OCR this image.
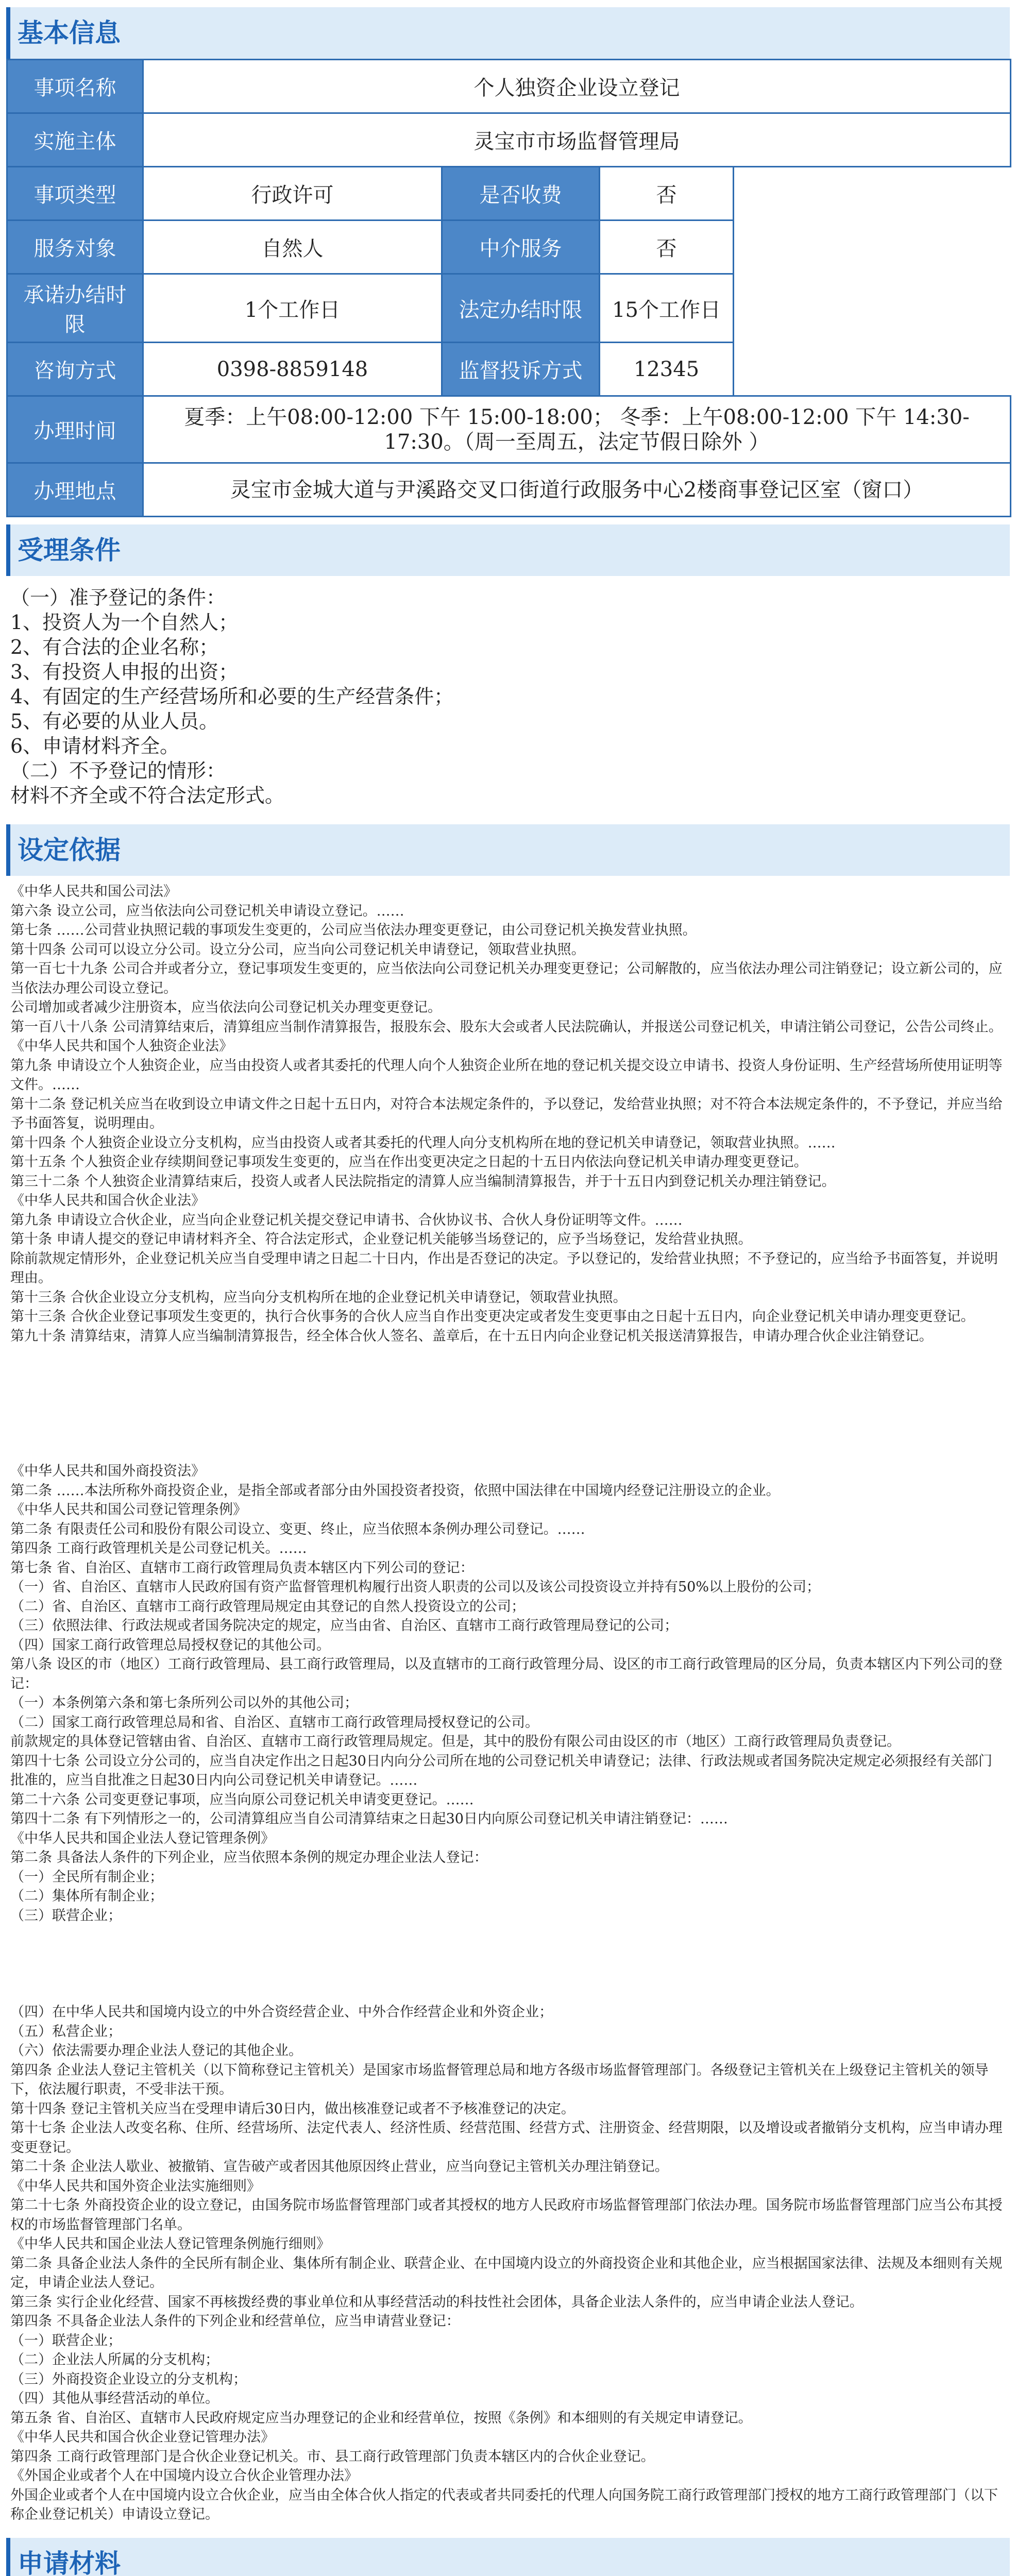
基本信息
事项名称	个人独资企业设立登记		
实施主体	灵宝市市场监督管理局		
事项类型	行政许可	是否收费	否
服务对象	自然人	中介服务	否
承诺办结时限	1个工作日	法定办结时限	15个工作日
咨询方式	0398-8859148	监督投诉方式	12345
办理时间	夏季：上午08:00-12:00 下午 15:00-18:00； 冬季：上午08:00-12:00 下午 14:30-17:30。（周一至周五，法定节假日除外 ）		
办理地点	灵宝市金城大道与尹溪路交叉口街道行政服务中心2楼商事登记区室（窗口）		
受理条件

（一）准予登记的条件：

1、投资人为一个自然人；

2、有合法的企业名称；

3、有投资人申报的出资；

4、有固定的生产经营场所和必要的生产经营条件；

5、有必要的从业人员。

6、申请材料齐全。

（二）不予登记的情形：

材料不齐全或不符合法定形式。

设定依据

《中华人民共和国公司法》

第六条 设立公司，应当依法向公司登记机关申请设立登记。……

第七条 ……公司营业执照记载的事项发生变更的，公司应当依法办理变更登记，由公司登记机关换发营业执照。

第十四条 公司可以设立分公司。设立分公司，应当向公司登记机关申请登记，领取营业执照。

第一百七十九条 公司合并或者分立，登记事项发生变更的，应当依法向公司登记机关办理变更登记；公司解散的，应当依法办理公司注销登记；设立新公司的，应当依法办理公司设立登记。

公司增加或者减少注册资本，应当依法向公司登记机关办理变更登记。

第一百八十八条 公司清算结束后，清算组应当制作清算报告，报股东会、股东大会或者人民法院确认，并报送公司登记机关，申请注销公司登记，公告公司终止。

《中华人民共和国个人独资企业法》

第九条 申请设立个人独资企业，应当由投资人或者其委托的代理人向个人独资企业所在地的登记机关提交设立申请书、投资人身份证明、生产经营场所使用证明等文件。……

第十二条 登记机关应当在收到设立申请文件之日起十五日内，对符合本法规定条件的，予以登记，发给营业执照；对不符合本法规定条件的，不予登记，并应当给予书面答复，说明理由。

第十四条 个人独资企业设立分支机构，应当由投资人或者其委托的代理人向分支机构所在地的登记机关申请登记，领取营业执照。……

第十五条 个人独资企业存续期间登记事项发生变更的，应当在作出变更决定之日起的十五日内依法向登记机关申请办理变更登记。

第三十二条 个人独资企业清算结束后，投资人或者人民法院指定的清算人应当编制清算报告，并于十五日内到登记机关办理注销登记。

《中华人民共和国合伙企业法》

第九条 申请设立合伙企业，应当向企业登记机关提交登记申请书、合伙协议书、合伙人身份证明等文件。……

第十条 申请人提交的登记申请材料齐全、符合法定形式，企业登记机关能够当场登记的，应予当场登记，发给营业执照。

除前款规定情形外，企业登记机关应当自受理申请之日起二十日内，作出是否登记的决定。予以登记的，发给营业执照；不予登记的，应当给予书面答复，并说明理由。

第十三条 合伙企业设立分支机构，应当向分支机构所在地的企业登记机关申请登记，领取营业执照。

第十三条 合伙企业登记事项发生变更的，执行合伙事务的合伙人应当自作出变更决定或者发生变更事由之日起十五日内，向企业登记机关申请办理变更登记。

第九十条 清算结束，清算人应当编制清算报告，经全体合伙人签名、盖章后，在十五日内向企业登记机关报送清算报告，申请办理合伙企业注销登记。

《中华人民共和国外商投资法》

第二条 ……本法所称外商投资企业，是指全部或者部分由外国投资者投资，依照中国法律在中国境内经登记注册设立的企业。

《中华人民共和国公司登记管理条例》

第二条 有限责任公司和股份有限公司设立、变更、终止，应当依照本条例办理公司登记。……

第四条 工商行政管理机关是公司登记机关。……

第七条 省、自治区、直辖市工商行政管理局负责本辖区内下列公司的登记：

（一）省、自治区、直辖市人民政府国有资产监督管理机构履行出资人职责的公司以及该公司投资设立并持有50%以上股份的公司；

（二）省、自治区、直辖市工商行政管理局规定由其登记的自然人投资设立的公司；

（三）依照法律、行政法规或者国务院决定的规定，应当由省、自治区、直辖市工商行政管理局登记的公司；

（四）国家工商行政管理总局授权登记的其他公司。

第八条 设区的市（地区）工商行政管理局、县工商行政管理局，以及直辖市的工商行政管理分局、设区的市工商行政管理局的区分局，负责本辖区内下列公司的登记：

（一）本条例第六条和第七条所列公司以外的其他公司；

（二）国家工商行政管理总局和省、自治区、直辖市工商行政管理局授权登记的公司。

前款规定的具体登记管辖由省、自治区、直辖市工商行政管理局规定。但是，其中的股份有限公司由设区的市（地区）工商行政管理局负责登记。

第四十七条 公司设立分公司的，应当自决定作出之日起30日内向分公司所在地的公司登记机关申请登记；法律、行政法规或者国务院决定规定必须报经有关部门批准的，应当自批准之日起30日内向公司登记机关申请登记。……

第二十六条 公司变更登记事项，应当向原公司登记机关申请变更登记。……

第四十二条 有下列情形之一的，公司清算组应当自公司清算结束之日起30日内向原公司登记机关申请注销登记：……

《中华人民共和国企业法人登记管理条例》

第二条 具备法人条件的下列企业，应当依照本条例的规定办理企业法人登记：

（一）全民所有制企业；

（二）集体所有制企业；

（三）联营企业；

（四）在中华人民共和国境内设立的中外合资经营企业、中外合作经营企业和外资企业；

（五）私营企业；

（六）依法需要办理企业法人登记的其他企业。

第四条 企业法人登记主管机关（以下简称登记主管机关）是国家市场监督管理总局和地方各级市场监督管理部门。各级登记主管机关在上级登记主管机关的领导下，依法履行职责，不受非法干预。

第十四条 登记主管机关应当在受理申请后30日内，做出核准登记或者不予核准登记的决定。

第十七条 企业法人改变名称、住所、经营场所、法定代表人、经济性质、经营范围、经营方式、注册资金、经营期限，以及增设或者撤销分支机构，应当申请办理变更登记。

第二十条 企业法人歇业、被撤销、宣告破产或者因其他原因终止营业，应当向登记主管机关办理注销登记。

《中华人民共和国外资企业法实施细则》

第二十七条 外商投资企业的设立登记，由国务院市场监督管理部门或者其授权的地方人民政府市场监督管理部门依法办理。国务院市场监督管理部门应当公布其授权的市场监督管理部门名单。

《中华人民共和国企业法人登记管理条例施行细则》

第二条 具备企业法人条件的全民所有制企业、集体所有制企业、联营企业、在中国境内设立的外商投资企业和其他企业，应当根据国家法律、法规及本细则有关规定，申请企业法人登记。

第三条 实行企业化经营、国家不再核拨经费的事业单位和从事经营活动的科技性社会团体，具备企业法人条件的，应当申请企业法人登记。

第四条 不具备企业法人条件的下列企业和经营单位，应当申请营业登记：

（一）联营企业；

（二）企业法人所属的分支机构；

（三）外商投资企业设立的分支机构；

（四）其他从事经营活动的单位。

第五条 省、自治区、直辖市人民政府规定应当办理登记的企业和经营单位，按照《条例》和本细则的有关规定申请登记。

《中华人民共和国合伙企业登记管理办法》

第四条 工商行政管理部门是合伙企业登记机关。市、县工商行政管理部门负责本辖区内的合伙企业登记。

《外国企业或者个人在中国境内设立合伙企业管理办法》

外国企业或者个人在中国境内设立合伙企业，应当由全体合伙人指定的代表或者共同委托的代理人向国务院工商行政管理部门授权的地方工商行政管理部门（以下称企业登记机关）申请设立登记。

申请材料
